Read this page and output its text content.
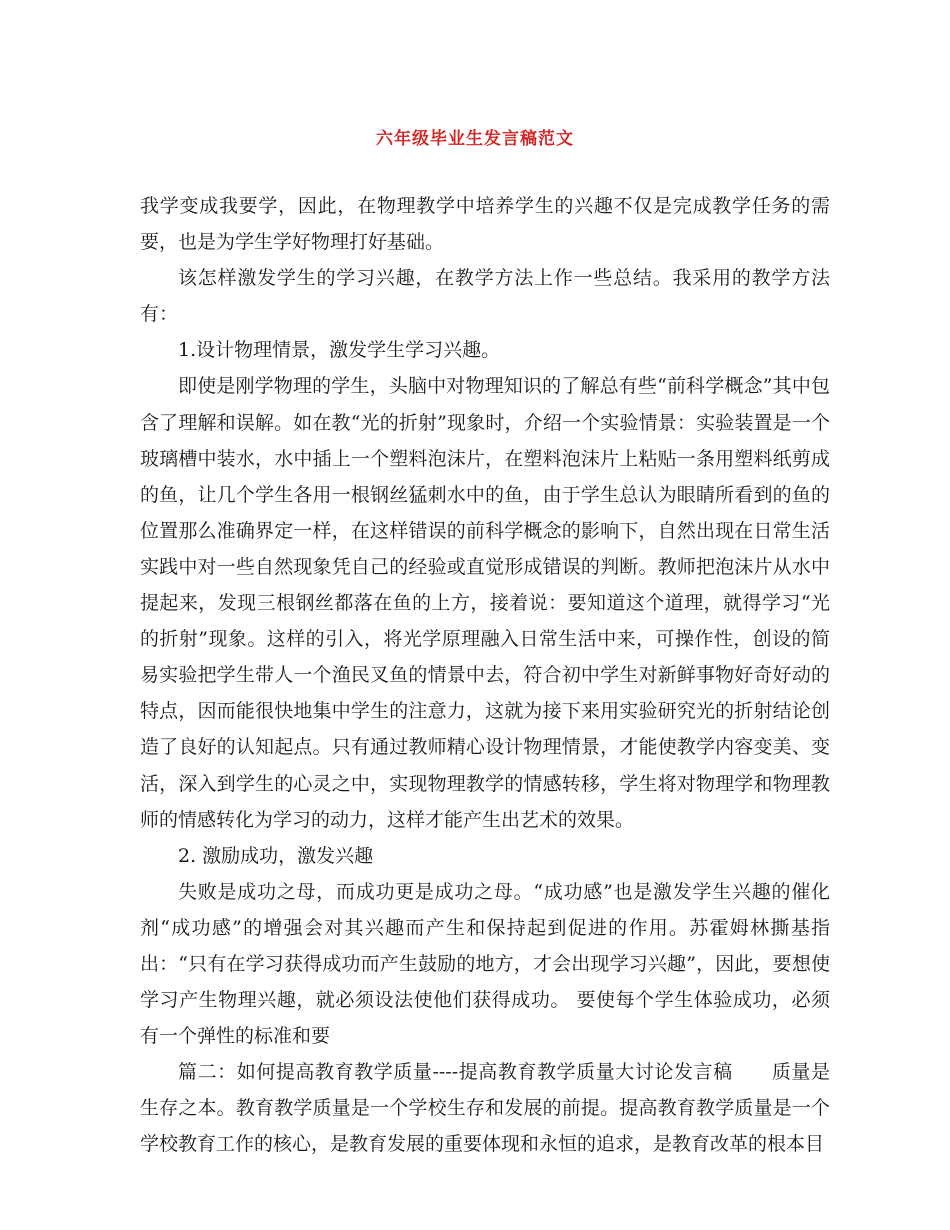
六年级毕业生发言稿范文

我学变成我要学，因此，在物理教学中培养学生的兴趣不仅是完成教学任务的需要，也是为学生学好物理打好基础。

该怎样激发学生的学习兴趣，在教学方法上作一些总结。我采用的教学方法有：

1.设计物理情景，激发学生学习兴趣。

即使是刚学物理的学生，头脑中对物理知识的了解总有些“前科学概念”其中包含了理解和误解。如在教“光的折射”现象时，介绍一个实验情景：实验装置是一个玻璃槽中装水，水中插上一个塑料泡沫片，在塑料泡沫片上粘贴一条用塑料纸剪成的鱼，让几个学生各用一根钢丝猛刺水中的鱼，由于学生总认为眼睛所看到的鱼的位置那么准确界定一样，在这样错误的前科学概念的影响下，自然出现在日常生活实践中对一些自然现象凭自己的经验或直觉形成错误的判断。教师把泡沫片从水中提起来，发现三根钢丝都落在鱼的上方，接着说：要知道这个道理，就得学习“光的折射”现象。这样的引入，将光学原理融入日常生活中来，可操作性，创设的简易实验把学生带人一个渔民叉鱼的情景中去，符合初中学生对新鲜事物好奇好动的特点，因而能很快地集中学生的注意力，这就为接下来用实验研究光的折射结论创造了良好的认知起点。只有通过教师精心设计物理情景，才能使教学内容变美、变活，深入到学生的心灵之中，实现物理教学的情感转移，学生将对物理学和物理教师的情感转化为学习的动力，这样才能产生出艺术的效果。

2. 激励成功，激发兴趣

失败是成功之母，而成功更是成功之母。“成功感”也是激发学生兴趣的催化剂“成功感”的增强会对其兴趣而产生和保持起到促进的作用。苏霍姆林撕基指出：“只有在学习获得成功而产生鼓励的地方，才会出现学习兴趣”，因此，要想使学习产生物理兴趣，就必须设法使他们获得成功。 要使每个学生体验成功，必须有一个弹性的标准和要

篇二：如何提高教育教学质量----提高教育教学质量大讨论发言稿　　质量是生存之本。教育教学质量是一个学校生存和发展的前提。提高教育教学质量是一个学校教育工作的核心，是教育发展的重要体现和永恒的追求，是教育改革的根本目
